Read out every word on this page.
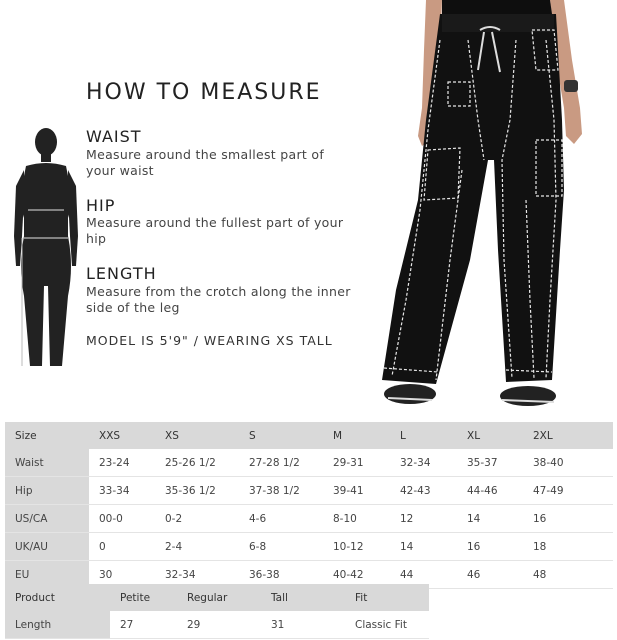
HOW TO MEASURE
WAIST
Measure around the smallest part of your waist
HIP
Measure around the fullest part of your hip
LENGTH
Measure from the crotch along the inner side of the leg
MODEL IS 5'9" / WEARING XS TALL
Size	XXS	XS	S	M	L	XL	2XL
Waist	23-24	25-26 1/2	27-28 1/2	29-31	32-34	35-37	38-40
Hip	33-34	35-36 1/2	37-38 1/2	39-41	42-43	44-46	47-49
US/CA	00-0	0-2	4-6	8-10	12	14	16
UK/AU	0	2-4	6-8	10-12	14	16	18
EU	30	32-34	36-38	40-42	44	46	48
Product	Petite	Regular	Tall	Fit
Length	27	29	31	Classic Fit
